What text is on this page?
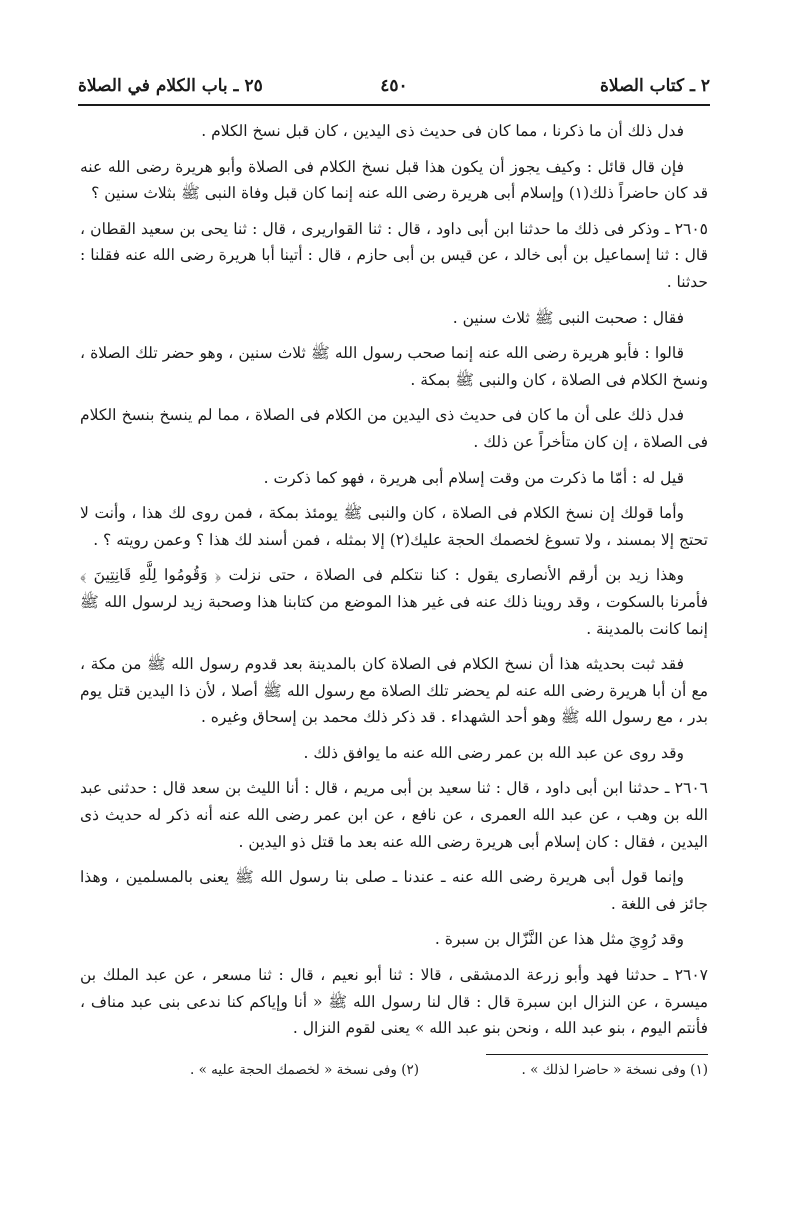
٤٥٠
٢٥ ـ باب الكلام في الصلاة	٢ ـ كتاب الصلاة

فدل ذلك أن ما ذكرنا ، مما كان فى حديث ذى اليدين ، كان قبل نسخ الكلام .

فإن قال قائل : وكيف يجوز أن يكون هذا قبل نسخ الكلام فى الصلاة وأبو هريرة رضى الله عنه قد كان حاضراً ذلك(١) وإسلام أبى هريرة رضى الله عنه إنما كان قبل وفاة النبى ﷺ بثلاث سنين ؟

٢٦٠٥ ـ وذكر فى ذلك ما حدثنا ابن أبى داود ، قال : ثنا القواريرى ، قال : ثنا يحى بن سعيد القطان ، قال : ثنا إسماعيل بن أبى خالد ، عن قيس بن أبى حازم ، قال : أتينا أبا هريرة رضى الله عنه فقلنا : حدثنا .

فقال : صحبت النبى ﷺ ثلاث سنين .

قالوا : فأبو هريرة رضى الله عنه إنما صحب رسول الله ﷺ ثلاث سنين ، وهو حضر تلك الصلاة ، ونسخ الكلام فى الصلاة ، كان والنبى ﷺ بمكة .

فدل ذلك على أن ما كان فى حديث ذى اليدين من الكلام فى الصلاة ، مما لم ينسخ بنسخ الكلام فى الصلاة ، إن كان متأخراً عن ذلك .

قيل له : أمّا ما ذكرت من وقت إسلام أبى هريرة ، فهو كما ذكرت .

وأما قولك إن نسخ الكلام فى الصلاة ، كان والنبى ﷺ يومئذ بمكة ، فمن روى لك هذا ، وأنت لا تحتج إلا بمسند ، ولا تسوغ لخصمك الحجة عليك(٢) إلا بمثله ، فمن أسند لك هذا ؟ وعمن رويته ؟ .

وهذا زيد بن أرقم الأنصارى يقول : كنا نتكلم فى الصلاة ، حتى نزلت ﴿ وَقُومُوا لِلَّهِ قَانِتِينَ ﴾ فأمرنا بالسكوت ، وقد روينا ذلك عنه فى غير هذا الموضع من كتابنا هذا وصحبة زيد لرسول الله ﷺ إنما كانت بالمدينة .

فقد ثبت بحديثه هذا أن نسخ الكلام فى الصلاة كان بالمدينة بعد قدوم رسول الله ﷺ من مكة ، مع أن أبا هريرة رضى الله عنه لم يحضر تلك الصلاة مع رسول الله ﷺ أصلا ، لأن ذا اليدين قتل يوم بدر ، مع رسول الله ﷺ وهو أحد الشهداء . قد ذكر ذلك محمد بن إسحاق وغيره .

وقد روى عن عبد الله بن عمر رضى الله عنه ما يوافق ذلك .

٢٦٠٦ ـ حدثنا ابن أبى داود ، قال : ثنا سعيد بن أبى مريم ، قال : أنا الليث بن سعد قال : حدثنى عبد الله بن وهب ، عن عبد الله العمرى ، عن نافع ، عن ابن عمر رضى الله عنه أنه ذكر له حديث ذى اليدين ، فقال : كان إسلام أبى هريرة رضى الله عنه بعد ما قتل ذو اليدين .

وإنما قول أبى هريرة رضى الله عنه ـ عندنا ـ صلى بنا رسول الله ﷺ يعنى بالمسلمين ، وهذا جائز فى اللغة .

وقد رُوِيَ مثل هذا عن النَّزّال بن سبرة .

٢٦٠٧ ـ حدثنا فهد وأبو زرعة الدمشقى ، قالا : ثنا أبو نعيم ، قال : ثنا مسعر ، عن عبد الملك بن ميسرة ، عن النزال ابن سبرة قال : قال لنا رسول الله ﷺ « أنا وإياكم كنا ندعى بنى عبد مناف ، فأنتم اليوم ، بنو عبد الله ، ونحن بنو عبد الله » يعنى لقوم النزال .

(١) وفى نسخة « حاضرا لذلك » .
(٢) وفى نسخة « لخصمك الحجة عليه » .
